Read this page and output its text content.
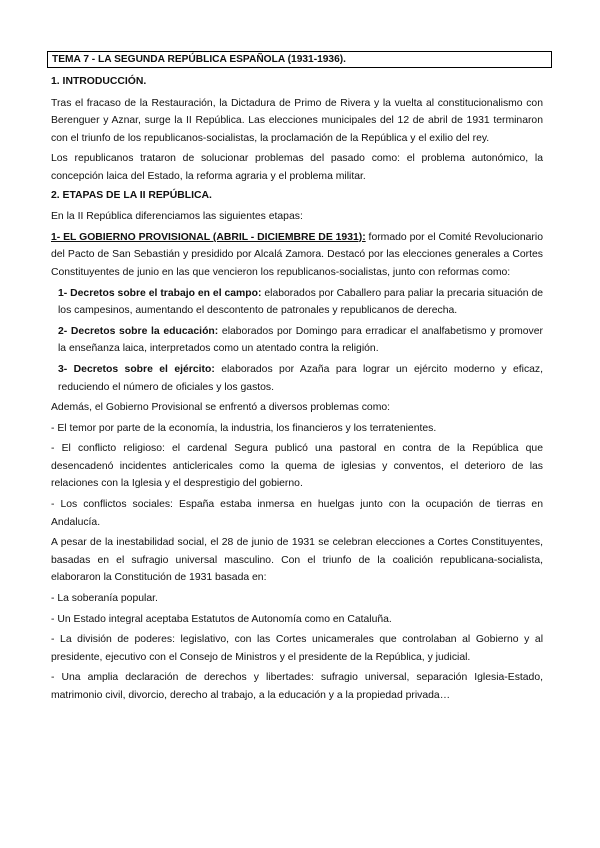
TEMA 7 - LA SEGUNDA REPÚBLICA ESPAÑOLA (1931-1936).

1. INTRODUCCIÓN.

Tras el fracaso de la Restauración, la Dictadura de Primo de Rivera y la vuelta al constitucionalismo con Berenguer y Aznar, surge la II República. Las elecciones municipales del 12 de abril de 1931 terminaron con el triunfo de los republicanos-socialistas, la proclamación de la República y el exilio del rey.

Los republicanos trataron de solucionar problemas del pasado como: el problema autonómico, la concepción laica del Estado, la reforma agraria y el problema militar.

2. ETAPAS DE LA II REPÚBLICA.

En la II República diferenciamos las siguientes etapas:

1- EL GOBIERNO PROVISIONAL (ABRIL - DICIEMBRE DE 1931): formado por el Comité Revolucionario del Pacto de San Sebastián y presidido por Alcalá Zamora. Destacó por las elecciones generales a Cortes Constituyentes de junio en las que vencieron los republicanos-socialistas, junto con reformas como:

1- Decretos sobre el trabajo en el campo: elaborados por Caballero para paliar la precaria situación de los campesinos, aumentando el descontento de patronales y republicanos de derecha.

2- Decretos sobre la educación: elaborados por Domingo para erradicar el analfabetismo y promover la enseñanza laica, interpretados como un atentado contra la religión.

3- Decretos sobre el ejército: elaborados por Azaña para lograr un ejército moderno y eficaz, reduciendo el número de oficiales y los gastos.

Además, el Gobierno Provisional se enfrentó a diversos problemas como:

- El temor por parte de la economía, la industria, los financieros y los terratenientes.

- El conflicto religioso: el cardenal Segura publicó una pastoral en contra de la República que desencadenó incidentes anticlericales como la quema de iglesias y conventos, el deterioro de las relaciones con la Iglesia y el desprestigio del gobierno.

- Los conflictos sociales: España estaba inmersa en huelgas junto con la ocupación de tierras en Andalucía.

A pesar de la inestabilidad social, el 28 de junio de 1931 se celebran elecciones a Cortes Constituyentes, basadas en el sufragio universal masculino. Con el triunfo de la coalición republicana-socialista, elaboraron la Constitución de 1931 basada en:

- La soberanía popular.

- Un Estado integral aceptaba Estatutos de Autonomía como en Cataluña.

- La división de poderes: legislativo, con las Cortes unicamerales que controlaban al Gobierno y al presidente, ejecutivo con el Consejo de Ministros y el presidente de la República, y judicial.

- Una amplia declaración de derechos y libertades: sufragio universal, separación Iglesia-Estado, matrimonio civil, divorcio, derecho al trabajo, a la educación y a la propiedad privada…
